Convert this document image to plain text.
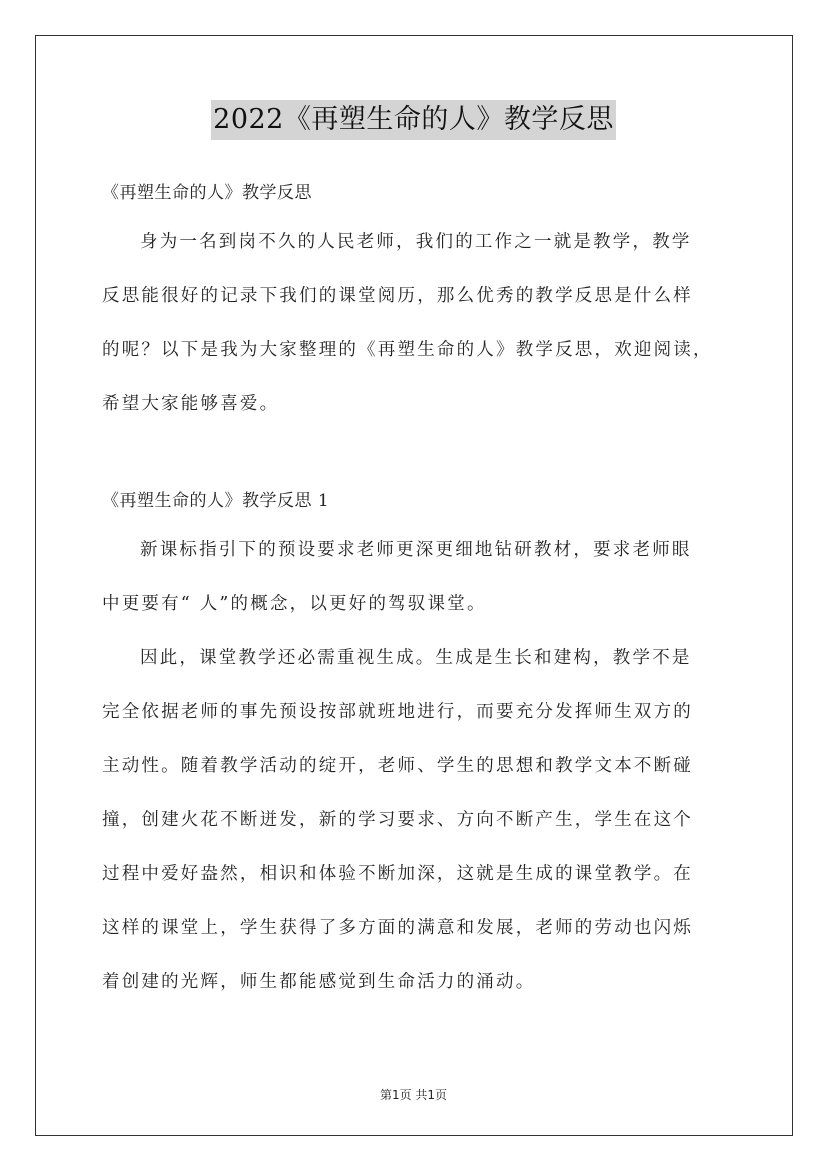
2022《再塑生命的人》教学反思
《再塑生命的人》教学反思
身为一名到岗不久的人民老师，我们的工作之一就是教学，教学
反思能很好的记录下我们的课堂阅历，那么优秀的教学反思是什么样
的呢？以下是我为大家整理的《再塑生命的人》教学反思，欢迎阅读，
希望大家能够喜爱。
《再塑生命的人》教学反思 1
新课标指引下的预设要求老师更深更细地钻研教材，要求老师眼
中更要有“ 人”的概念，以更好的驾驭课堂。
因此，课堂教学还必需重视生成。生成是生长和建构，教学不是
完全依据老师的事先预设按部就班地进行，而要充分发挥师生双方的
主动性。随着教学活动的绽开，老师、学生的思想和教学文本不断碰
撞，创建火花不断迸发，新的学习要求、方向不断产生，学生在这个
过程中爱好盎然，相识和体验不断加深，这就是生成的课堂教学。在
这样的课堂上，学生获得了多方面的满意和发展，老师的劳动也闪烁
着创建的光辉，师生都能感觉到生命活力的涌动。
第1页 共1页
